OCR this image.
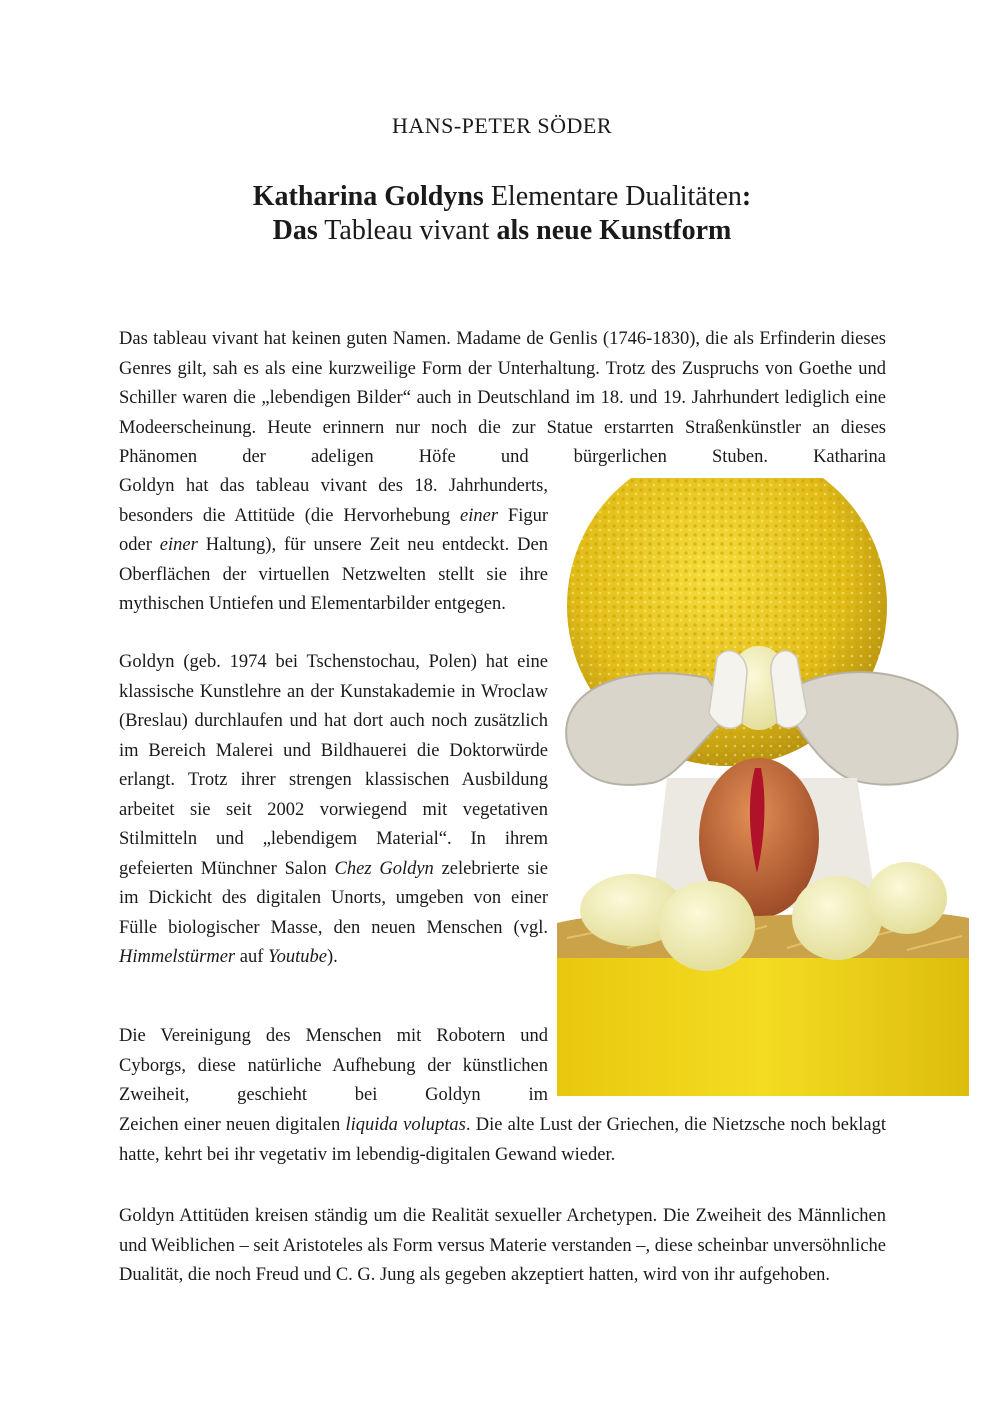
HANS-PETER SÖDER
Katharina Goldyns Elementare Dualitäten:
Das Tableau vivant als neue Kunstform

Das tableau vivant hat keinen guten Namen. Madame de Genlis (1746-1830), die als Erfinderin dieses Genres gilt, sah es als eine kurzweilige Form der Unterhaltung. Trotz des Zuspruchs von Goethe und Schiller waren die „lebendigen Bilder“ auch in Deutschland im 18. und 19. Jahrhundert lediglich eine Modeerscheinung. Heute erinnern nur noch die zur Statue erstarrten Straßenkünstler an dieses Phänomen der adeligen Höfe und bürgerlichen Stuben. Katharina

Goldyn hat das tableau vivant des 18. Jahrhunderts, besonders die Attitüde (die Hervorhebung einer Figur oder einer Haltung), für unsere Zeit neu entdeckt. Den Oberflächen der virtuellen Netzwelten stellt sie ihre mythischen Untiefen und Elementarbilder entgegen.

Goldyn (geb. 1974 bei Tschenstochau, Polen) hat eine klassische Kunstlehre an der Kunstakademie in Wroclaw (Breslau) durchlaufen und hat dort auch noch zusätzlich im Bereich Malerei und Bildhauerei die Doktorwürde erlangt. Trotz ihrer strengen klassischen Ausbildung arbeitet sie seit 2002 vorwiegend mit vegetativen Stilmitteln und „lebendigem Material“. In ihrem gefeierten Münchner Salon Chez Goldyn zelebrierte sie im Dickicht des digitalen Unorts, umgeben von einer Fülle biologischer Masse, den neuen Menschen (vgl. Himmelstürmer auf Youtube).

Die Vereinigung des Menschen mit Robotern und Cyborgs, diese natürliche Aufhebung der künstlichen Zweiheit, geschieht bei Goldyn im

Zeichen einer neuen digitalen liquida voluptas. Die alte Lust der Griechen, die Nietzsche noch beklagt hatte, kehrt bei ihr vegetativ im lebendig-digitalen Gewand wieder.

Goldyn Attitüden kreisen ständig um die Realität sexueller Archetypen. Die Zweiheit des Männlichen und Weiblichen – seit Aristoteles als Form versus Materie verstanden –, diese scheinbar unversöhnliche Dualität, die noch Freud und C. G. Jung als gegeben akzeptiert hatten, wird von ihr aufgehoben.
